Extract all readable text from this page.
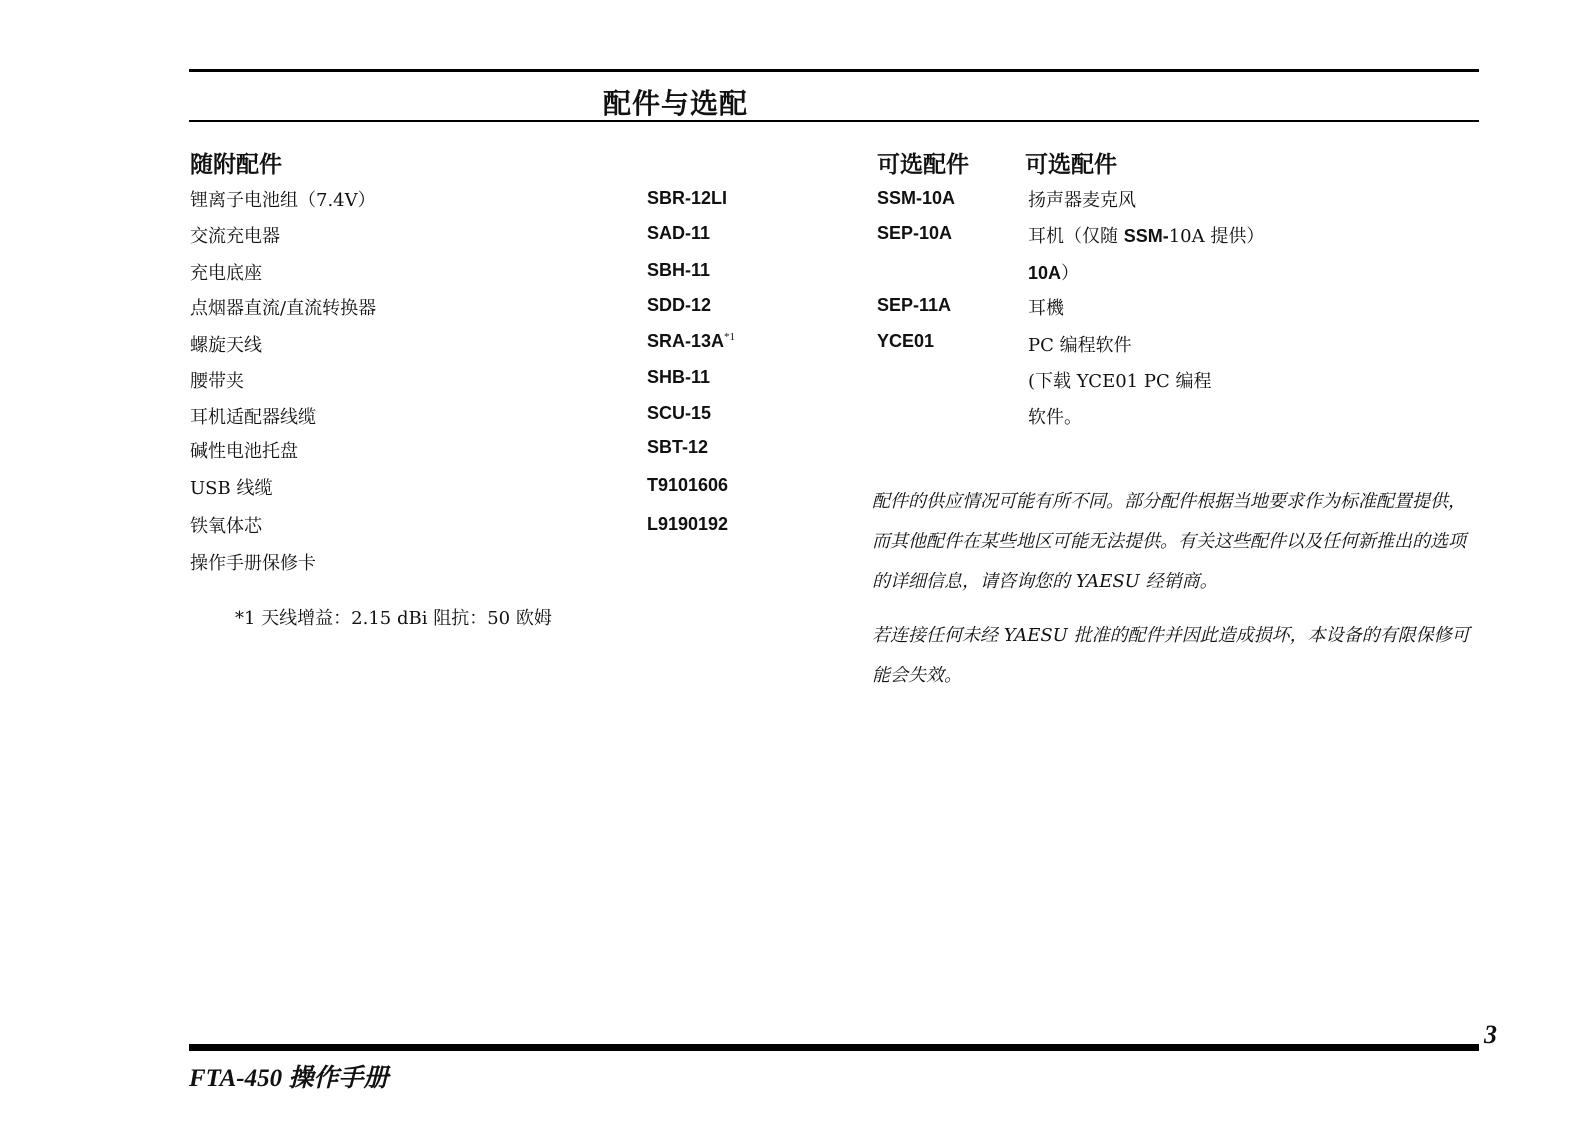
配件与选配
随附配件
锂离子电池组（7.4V）	SBR-12LI
交流充电器	SAD-11
充电底座	SBH-11
点烟器直流/直流转换器	SDD-12
螺旋天线	SRA-$13A^{*1}$
腰带夹	SHB-11
耳机适配器线缆	SCU-15
碱性电池托盘	SBT-12
USB 线缆	T9101606
铁氧体芯	L9190192
操作手册保修卡
*1 天线增益：2.15 dBi 阻抗：50 欧姆
可选配件 可选配件
SSM-10A	扬声器麦克风
SEP-10A	耳机（仅随 SSM-10A 提供）
10A）
SEP-11A	耳機
YCE01	PC 编程软件
(下载 YCE01 PC 编程
软件。
配件的供应情况可能有所不同。部分配件根据当地要求作为标准配置提供，而其他配件在某些地区可能无法提供。有关这些配件以及任何新推出的选项的详细信息，请咨询您的 YAESU 经销商。
若连接任何未经 YAESU 批准的配件并因此造成损坏，本设备的有限保修可能会失效。
3
FTA-450 操作手册
